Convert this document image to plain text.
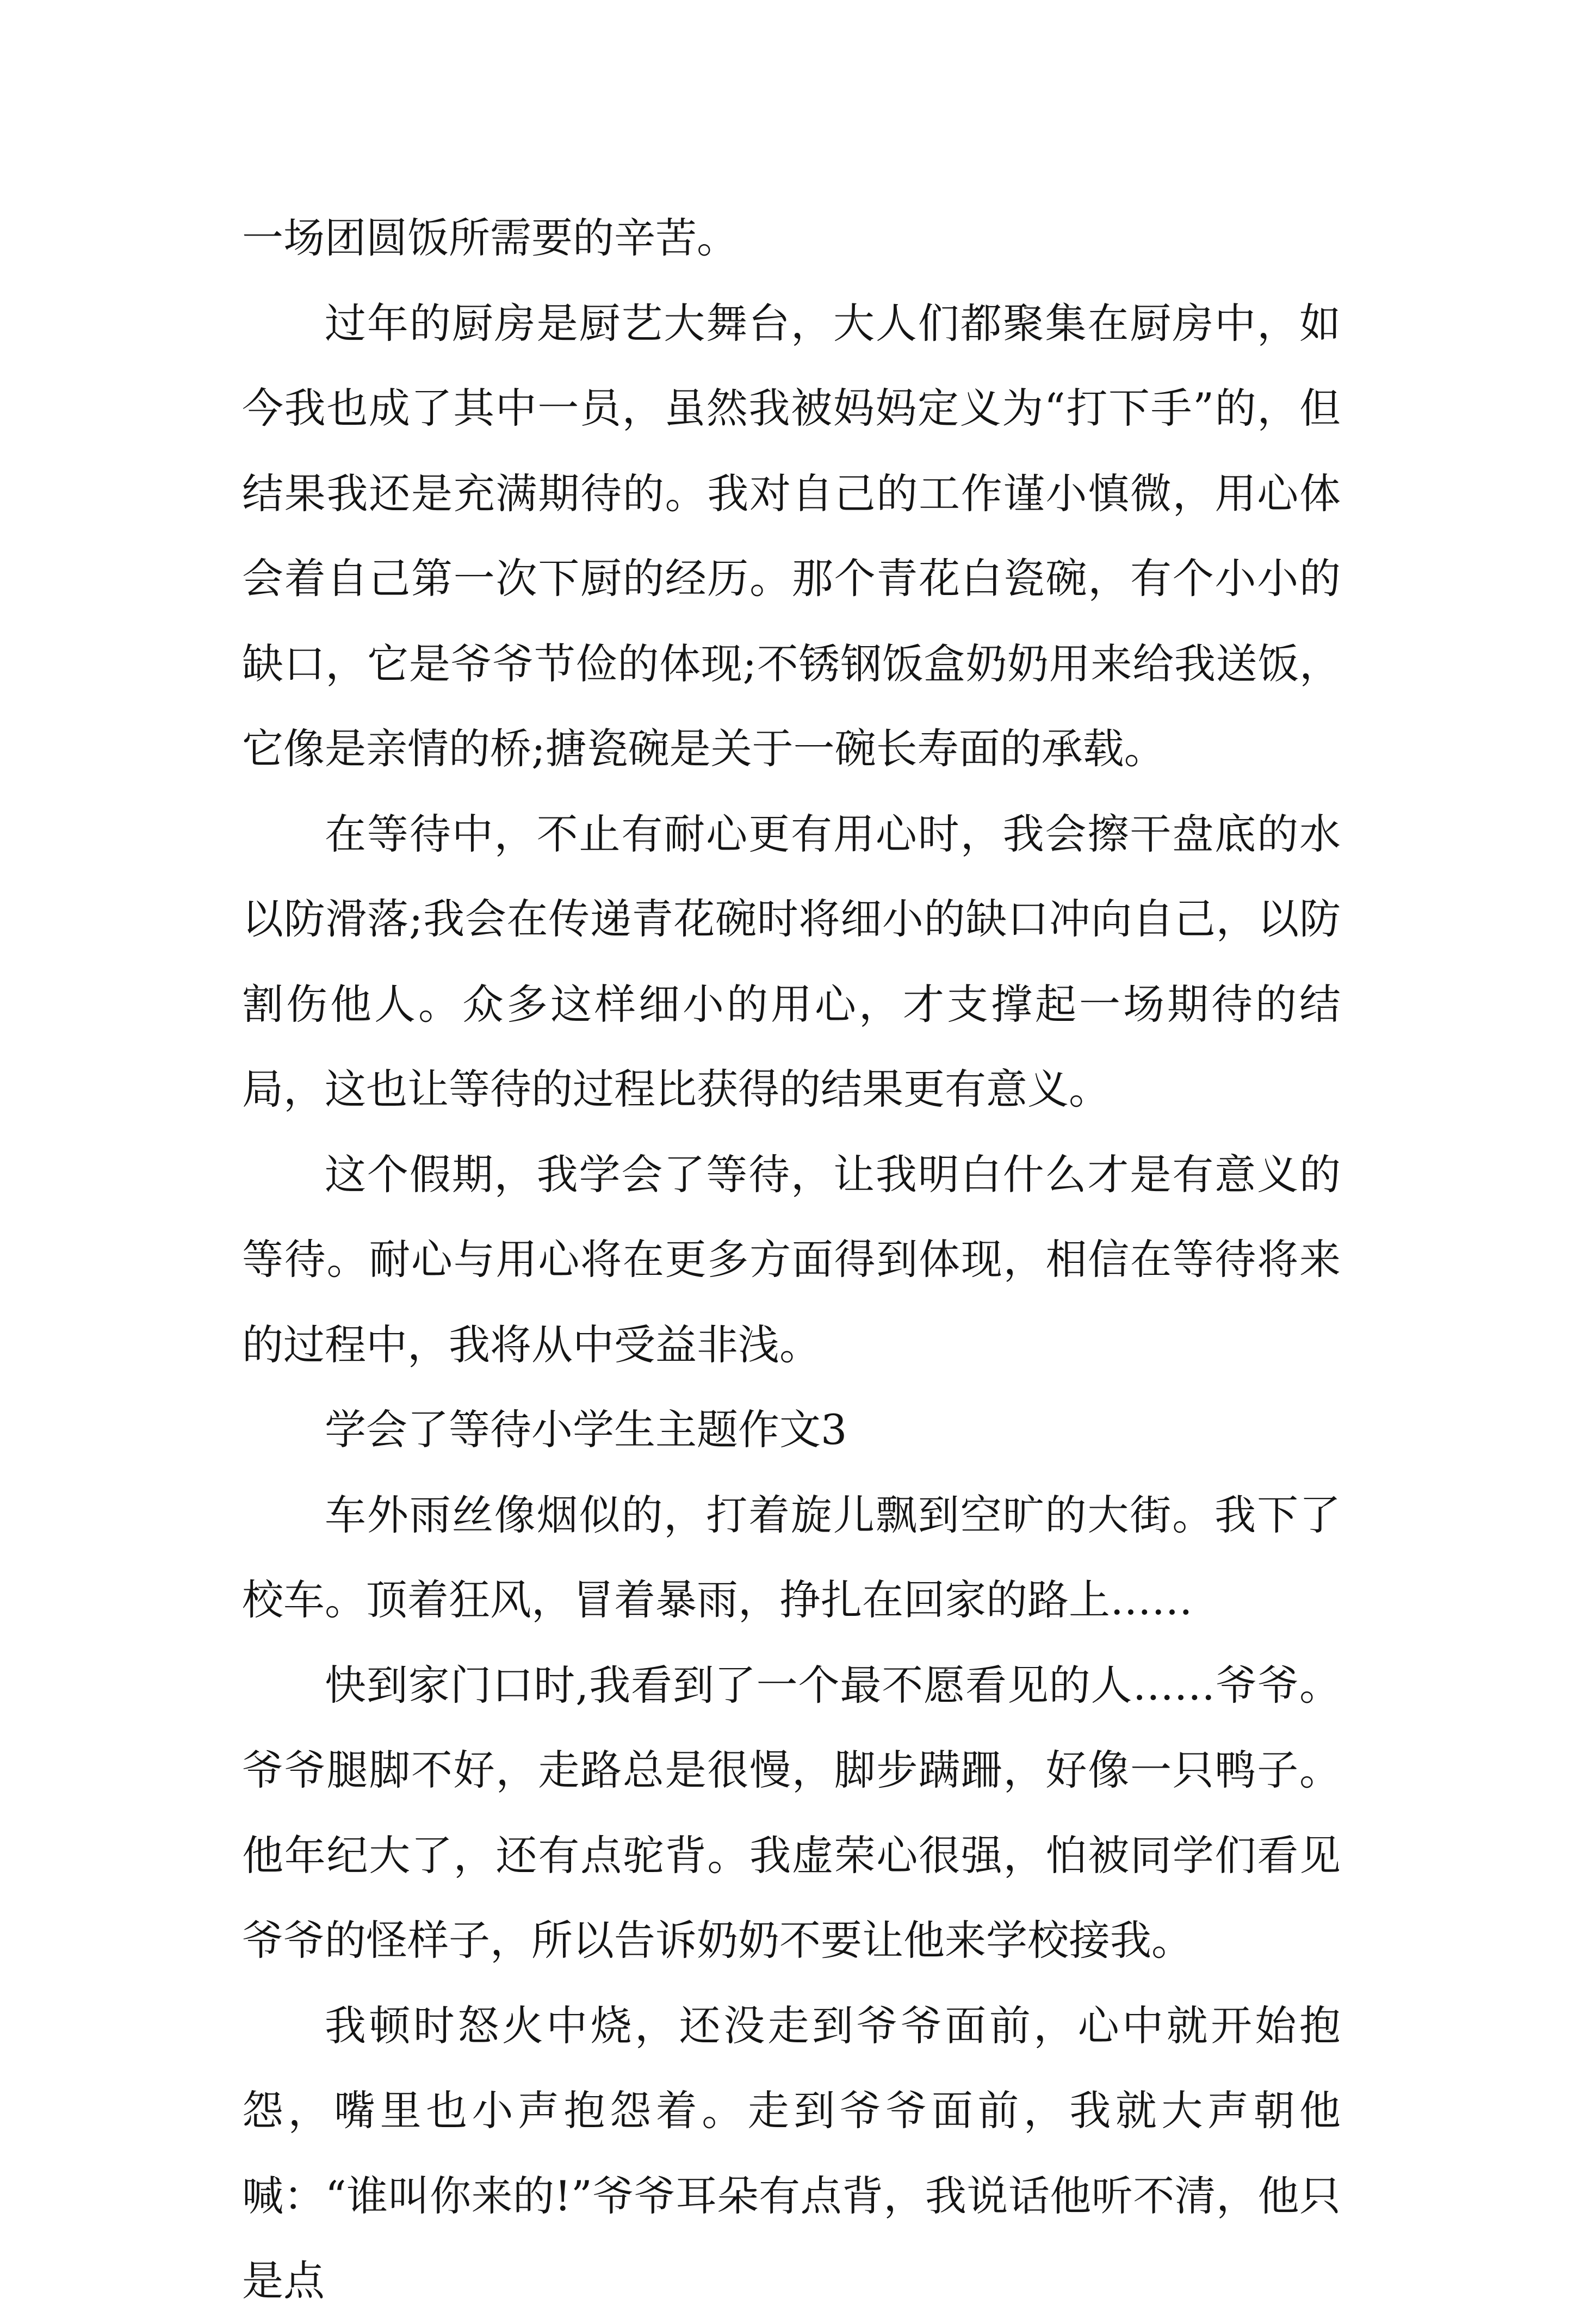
一场团圆饭所需要的辛苦。

过年的厨房是厨艺大舞台，大人们都聚集在厨房中，如今我也成了其中一员，虽然我被妈妈定义为“打下手”的，但结果我还是充满期待的。我对自己的工作谨小慎微，用心体会着自己第一次下厨的经历。那个青花白瓷碗，有个小小的缺口，它是爷爷节俭的体现;不锈钢饭盒奶奶用来给我送饭，它像是亲情的桥;搪瓷碗是关于一碗长寿面的承载。

在等待中，不止有耐心更有用心时，我会擦干盘底的水以防滑落;我会在传递青花碗时将细小的缺口冲向自己，以防割伤他人。众多这样细小的用心，才支撑起一场期待的结局，这也让等待的过程比获得的结果更有意义。

这个假期，我学会了等待，让我明白什么才是有意义的等待。耐心与用心将在更多方面得到体现，相信在等待将来的过程中，我将从中受益非浅。

学会了等待小学生主题作文3

车外雨丝像烟似的，打着旋儿飘到空旷的大街。我下了校车。顶着狂风，冒着暴雨，挣扎在回家的路上……

快到家门口时,我看到了一个最不愿看见的人……爷爷。爷爷腿脚不好，走路总是很慢，脚步蹒跚，好像一只鸭子。他年纪大了，还有点驼背。我虚荣心很强，怕被同学们看见爷爷的怪样子，所以告诉奶奶不要让他来学校接我。

我顿时怒火中烧，还没走到爷爷面前，心中就开始抱怨，嘴里也小声抱怨着。走到爷爷面前，我就大声朝他喊：“谁叫你来的!”爷爷耳朵有点背，我说话他听不清，他只是点
